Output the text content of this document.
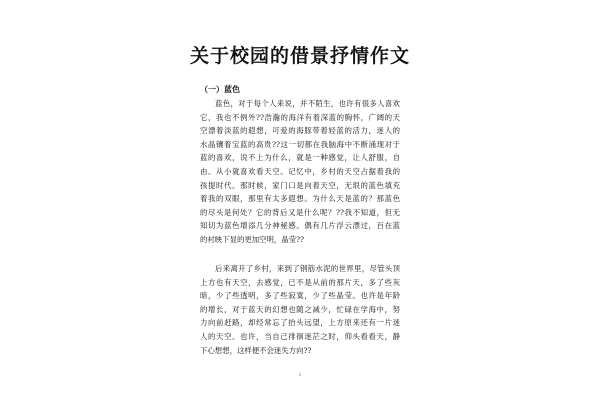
关于校园的借景抒情作文
（一）蓝色

蓝色，对于每个人来说，并不陌生，也许有很多人喜欢
它，我也不例外??浩瀚的海洋有着深蓝的胸怀，广阔的天
空漂着淡蓝的遐想，可爱的海豚带着轻蓝的活力，迷人的
水晶镶着宝蓝的高贵??这一切都在我脑海中不断涌现对于
蓝的喜欢，说不上为什么，就是一种感觉，让人舒服，自
由。从小就喜欢看天空。记忆中，乡村的天空占据着我的
孩提时代。那时候，家门口是向着天空，无垠的蓝色填充
着我的双眼，那里有太多遐想。为什么天是蓝的？那蓝色
的尽头是何处？它的背后又是什么呢？??我不知道，但无
知切为蓝色增添几分神秘感。偶有几片浮云漂过，百在蓝
的衬映下显的更加空明，晶莹??

后来离开了乡村，来到了钢筋水泥的世界里，尽管头顶
上方也有天空，去感觉，已不是从前的那片天，多了些灰
暗，少了些透明，多了些寂寞，少了些晶莹。也许是年龄
的增长，对于蓝天的幻想也随之减少，忙碌在学海中，努
力向前赶路，却经常忘了抬头远望，上方原来还有一片迷
人的天空。也许，当自己徘徊迷茫之时，仰头看看天，静
下心想想，这样便不会迷失方向??

1
